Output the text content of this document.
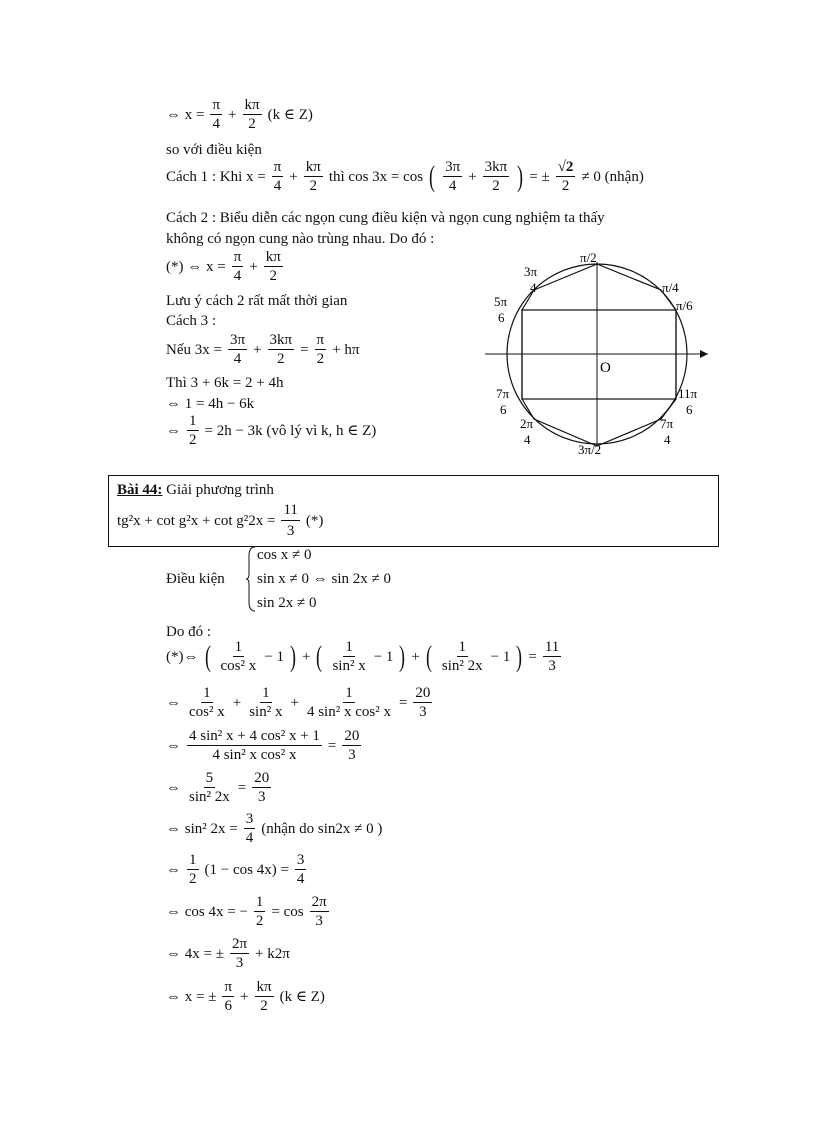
⇔ $x = \frac{\pi}{4} + \frac{k\pi}{2} (k$ ∈ Z)
so với điều kiện
Cách 1 : Khi $x = \frac{\pi}{4} + \frac{k\pi}{2}$ thì cos 3x = cos ( $\frac{3\pi}{4} + \frac{3k\pi}{2}$ ) = ± $\frac{√2}{2} \ne 0$ (nhận)
Cách 2 : Biểu diễn các ngọn cung điều kiện và ngọn cung nghiệm ta thấy
không có ngọn cung nào trùng nhau. Do đó :
(*) ⇔ $x = \frac{\pi}{4} + \frac{k\pi}{2}$
Lưu ý cách 2 rất mất thời gian
Cách 3 :
Nếu $3x = \frac{3\pi}{4} + \frac{3k\pi}{2} = \frac{\pi}{2} + h\pi$
Thì 3 + 6k = 2 + 4h
⇔ 1 = 4h − 6k
⇔ $\frac{1}{2} = 2h - 3k$ (vô lý vì k, h ∈ Z)
π/2
3π
4	π/4
5π
6
π/6
O
7π
6
11π
6
2π
4
3π/2
7π
4
Bài 44: Giải phương trình
$tg^2x + \cot g^2x + \cot g^22x = \frac{11}{3}$ (*)
Điều kiện
cos x ≠ 0
sin x ≠ 0 ⇔ sin 2x ≠ 0
sin 2x ≠ 0
Do đó :
(*)⇔ ( $\frac{1}{\text{cos² x}} - 1$ ) + ( $\frac{1}{\text{sin² x}} - 1$ ) + ( $\frac{1}{\text{sin² 2x}} - 1$ ) = $\frac{11}{3}$
⇔ $\frac{1}{\text{cos² x}} + \frac{1}{\text{sin² x}} + \frac{1}{\text{4 sin² x cos² x}} = \frac{20}{3}$
⇔ $\frac{\text{4 sin² x + 4 cos² x + 1}}{\text{4 sin² x cos² x}} = \frac{20}{3}$
⇔ $\frac{5}{\text{sin² 2x}} = \frac{20}{3}$
⇔ sin² $2x = \frac{3}{4}$ (nhận do sin2x ≠ 0 )
⇔ $\frac{1}{2} (1 - \cos 4x) = \frac{3}{4}$
⇔ cos 4x = − $\frac{1}{2} = \cos \frac{2\pi}{3}$
⇔ 4x = ± $\frac{2\pi}{3} + k2\pi$
⇔ x = ± $\frac{\pi}{6} + \frac{k\pi}{2} (k$ ∈ Z)
